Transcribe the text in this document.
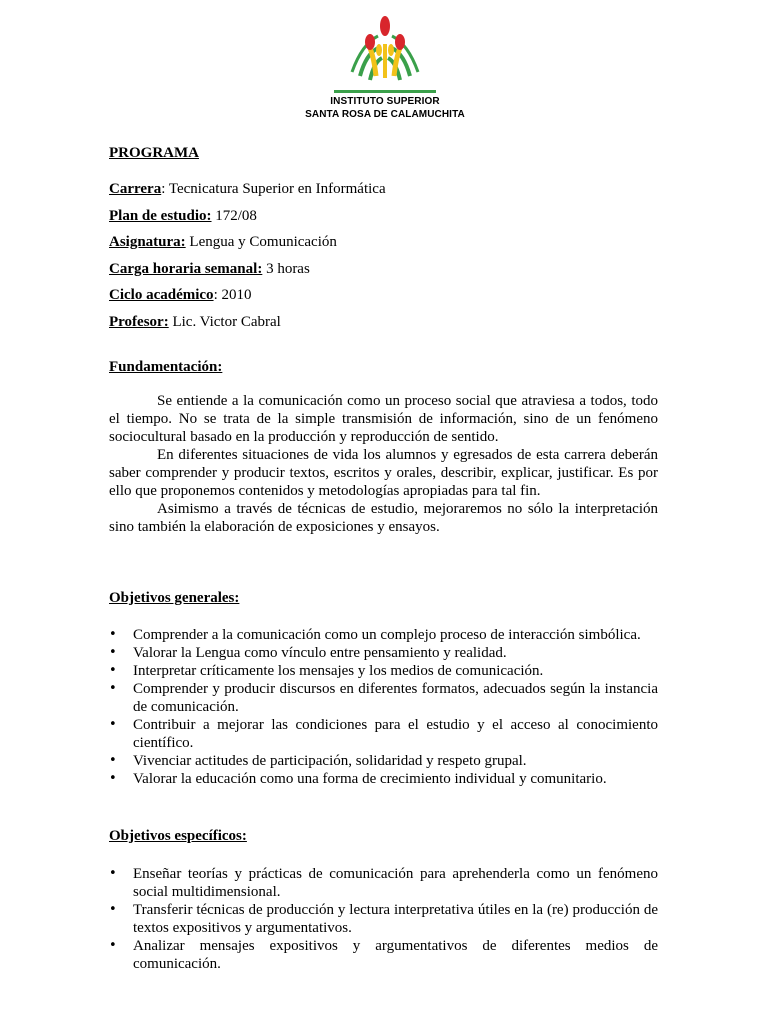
INSTITUTO SUPERIOR
SANTA ROSA DE CALAMUCHITA
PROGRAMA
Carrera: Tecnicatura Superior en Informática
Plan de estudio: 172/08
Asignatura: Lengua y Comunicación
Carga horaria semanal: 3 horas
Ciclo académico: 2010
Profesor: Lic. Victor Cabral
Fundamentación:

Se entiende a la comunicación como un proceso social que atraviesa a todos, todo el tiempo. No se trata de la simple transmisión de información, sino de un fenómeno sociocultural basado en la producción y reproducción de sentido.

En diferentes situaciones de vida los alumnos y egresados de esta carrera deberán saber comprender y producir textos, escritos y orales, describir, explicar, justificar. Es por ello que proponemos contenidos y metodologías apropiadas para tal fin.

Asimismo a través de técnicas de estudio, mejoraremos no sólo la interpretación sino también la elaboración de exposiciones y ensayos.

Objetivos generales:
• Comprender a la comunicación como un complejo proceso de interacción simbólica.
• Valorar la Lengua como vínculo entre pensamiento y realidad.
• Interpretar críticamente los mensajes y los medios de comunicación.
• Comprender y producir discursos en diferentes formatos, adecuados según la instancia de comunicación.
• Contribuir a mejorar las condiciones para el estudio y el acceso al conocimiento científico.
• Vivenciar actitudes de participación, solidaridad y respeto grupal.
• Valorar la educación como una forma de crecimiento individual y comunitario.
Objetivos específicos:
• Enseñar teorías y prácticas de comunicación para aprehenderla como un fenómeno social multidimensional.
• Transferir técnicas de producción y lectura interpretativa útiles en la (re) producción de textos expositivos y argumentativos.
• Analizar mensajes expositivos y argumentativos de diferentes medios de comunicación.
